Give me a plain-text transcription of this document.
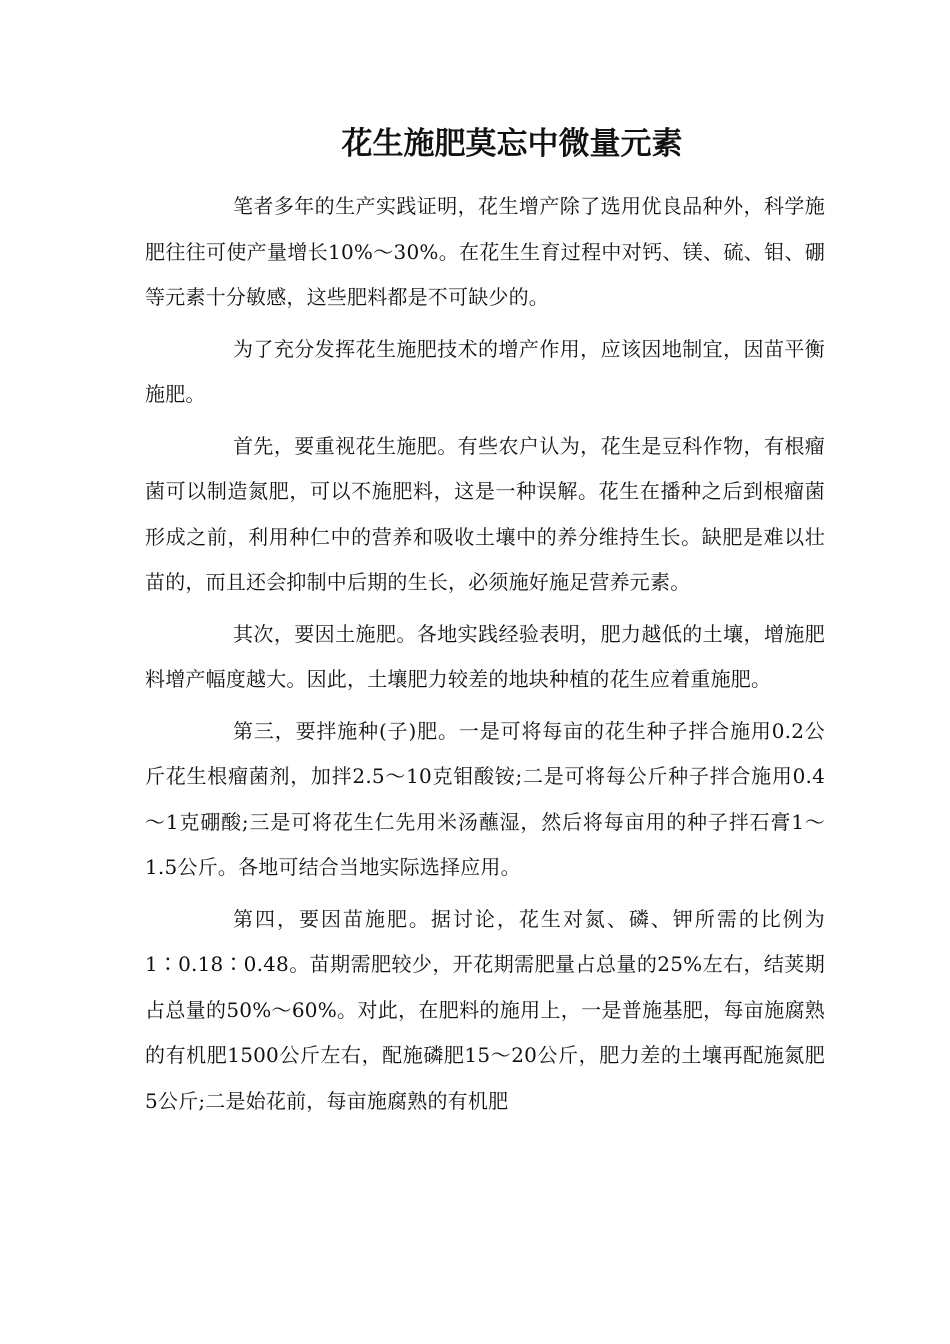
花生施肥莫忘中微量元素

笔者多年的生产实践证明，花生增产除了选用优良品种外，科学施肥往往可使产量增长10%～30%。在花生生育过程中对钙、镁、硫、钼、硼等元素十分敏感，这些肥料都是不可缺少的。

为了充分发挥花生施肥技术的增产作用，应该因地制宜，因苗平衡施肥。

首先，要重视花生施肥。有些农户认为，花生是豆科作物，有根瘤菌可以制造氮肥，可以不施肥料，这是一种误解。花生在播种之后到根瘤菌形成之前，利用种仁中的营养和吸收土壤中的养分维持生长。缺肥是难以壮苗的，而且还会抑制中后期的生长，必须施好施足营养元素。

其次，要因土施肥。各地实践经验表明，肥力越低的土壤，增施肥料增产幅度越大。因此，土壤肥力较差的地块种植的花生应着重施肥。

第三，要拌施种(子)肥。一是可将每亩的花生种子拌合施用0.2公斤花生根瘤菌剂，加拌2.5～10克钼酸铵;二是可将每公斤种子拌合施用0.4～1克硼酸;三是可将花生仁先用米汤蘸湿，然后将每亩用的种子拌石膏1～1.5公斤。各地可结合当地实际选择应用。

第四，要因苗施肥。据讨论，花生对氮、磷、钾所需的比例为1∶0.18∶0.48。苗期需肥较少，开花期需肥量占总量的25%左右，结荚期占总量的50%～60%。对此，在肥料的施用上，一是普施基肥，每亩施腐熟的有机肥1500公斤左右，配施磷肥15～20公斤，肥力差的土壤再配施氮肥5公斤;二是始花前，每亩施腐熟的有机肥
